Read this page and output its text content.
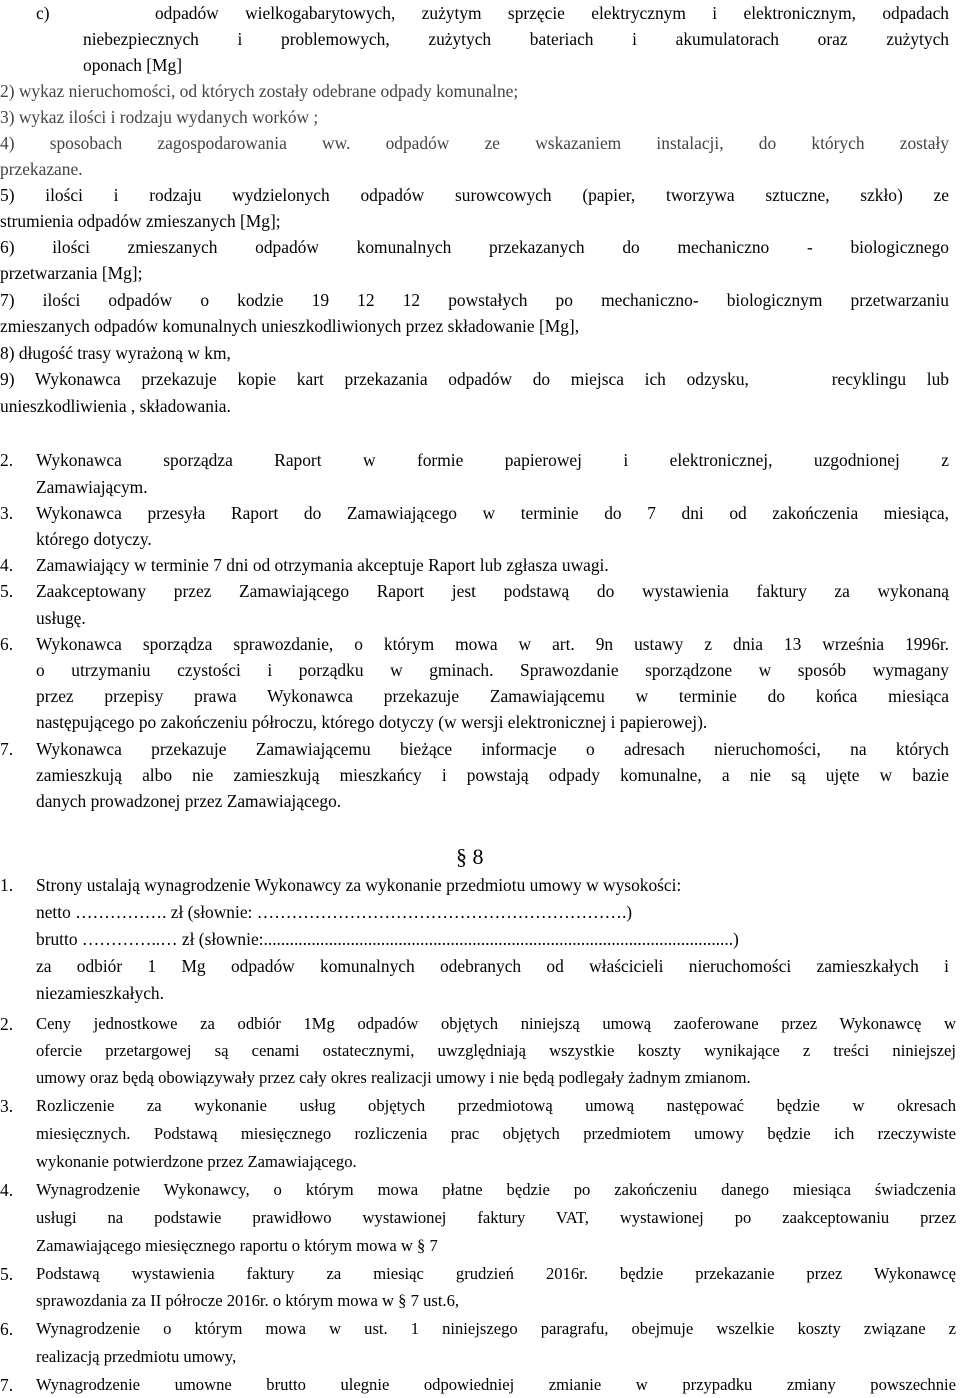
c)    odpadów wielkogabarytowych, zużytym sprzęcie elektrycznym i elektronicznym, odpadach
niebezpiecznych i problemowych, zużytych bateriach i akumulatorach oraz zużytych
oponach [Mg]
2) wykaz nieruchomości, od których zostały odebrane odpady komunalne;
3) wykaz ilości i rodzaju wydanych worków ;
4) sposobach zagospodarowania ww. odpadów ze wskazaniem instalacji, do których zostały
przekazane.
5) ilości i rodzaju wydzielonych odpadów surowcowych (papier, tworzywa sztuczne, szkło) ze
strumienia odpadów zmieszanych [Mg];
6) ilości zmieszanych odpadów komunalnych przekazanych do mechaniczno - biologicznego
przetwarzania [Mg];
7) ilości odpadów o kodzie 19 12 12 powstałych po mechaniczno- biologicznym przetwarzaniu
zmieszanych odpadów komunalnych unieszkodliwionych przez składowanie [Mg],
8) długość trasy wyrażoną w km,
9) Wykonawca przekazuje kopie kart przekazania odpadów do miejsca ich odzysku,    recyklingu lub
unieszkodliwienia , składowania.
2. Wykonawca sporządza Raport w formie papierowej i elektronicznej, uzgodnionej z
Zamawiającym.
3. Wykonawca przesyła Raport do Zamawiającego w terminie do 7 dni od zakończenia miesiąca,
którego dotyczy.
4. Zamawiający w terminie 7 dni od otrzymania akceptuje Raport lub zgłasza uwagi.
5. Zaakceptowany przez Zamawiającego Raport jest podstawą do wystawienia faktury za wykonaną
usługę.
6. Wykonawca sporządza sprawozdanie, o którym mowa w art. 9n ustawy z dnia 13 września 1996r.
o utrzymaniu czystości i porządku w gminach. Sprawozdanie sporządzone w sposób wymagany
przez przepisy prawa Wykonawca przekazuje Zamawiającemu w terminie do końca miesiąca
następującego po zakończeniu półroczu, którego dotyczy (w wersji elektronicznej i papierowej).
7. Wykonawca przekazuje Zamawiającemu bieżące informacje o adresach nieruchomości, na których
zamieszkują albo nie zamieszkują mieszkańcy i powstają odpady komunalne, a nie są ujęte w bazie
danych prowadzonej przez Zamawiającego.
§ 8
1. Strony ustalają wynagrodzenie Wykonawcy za wykonanie przedmiotu umowy w wysokości:
netto ……………. zł (słownie: ……………………………………………………….)
brutto …………..… zł (słownie:............................................................................................................)
za odbiór 1 Mg odpadów komunalnych odebranych od właścicieli nieruchomości zamieszkałych i
niezamieszkałych.
2. Ceny jednostkowe za odbiór 1Mg odpadów objętych niniejszą umową zaoferowane przez Wykonawcę w
ofercie przetargowej są cenami ostatecznymi, uwzględniają wszystkie koszty wynikające z treści niniejszej
umowy oraz będą obowiązywały przez cały okres realizacji umowy i nie będą podlegały żadnym zmianom.
3. Rozliczenie za wykonanie usług objętych przedmiotową umową następować będzie w okresach
miesięcznych. Podstawą miesięcznego rozliczenia prac objętych przedmiotem umowy będzie ich rzeczywiste
wykonanie potwierdzone przez Zamawiającego.
4. Wynagrodzenie Wykonawcy, o którym mowa płatne będzie po zakończeniu danego miesiąca świadczenia
usługi na podstawie prawidłowo wystawionej faktury VAT, wystawionej po zaakceptowaniu przez
Zamawiającego miesięcznego raportu o którym mowa w § 7
5. Podstawą wystawienia faktury za miesiąc grudzień 2016r. będzie przekazanie przez Wykonawcę
sprawozdania za II półrocze 2016r. o którym mowa w § 7 ust.6,
6. Wynagrodzenie o którym mowa w ust. 1 niniejszego paragrafu, obejmuje wszelkie koszty związane z
realizacją przedmiotu umowy,
7. Wynagrodzenie umowne brutto ulegnie odpowiedniej zmianie w przypadku zmiany powszechnie
